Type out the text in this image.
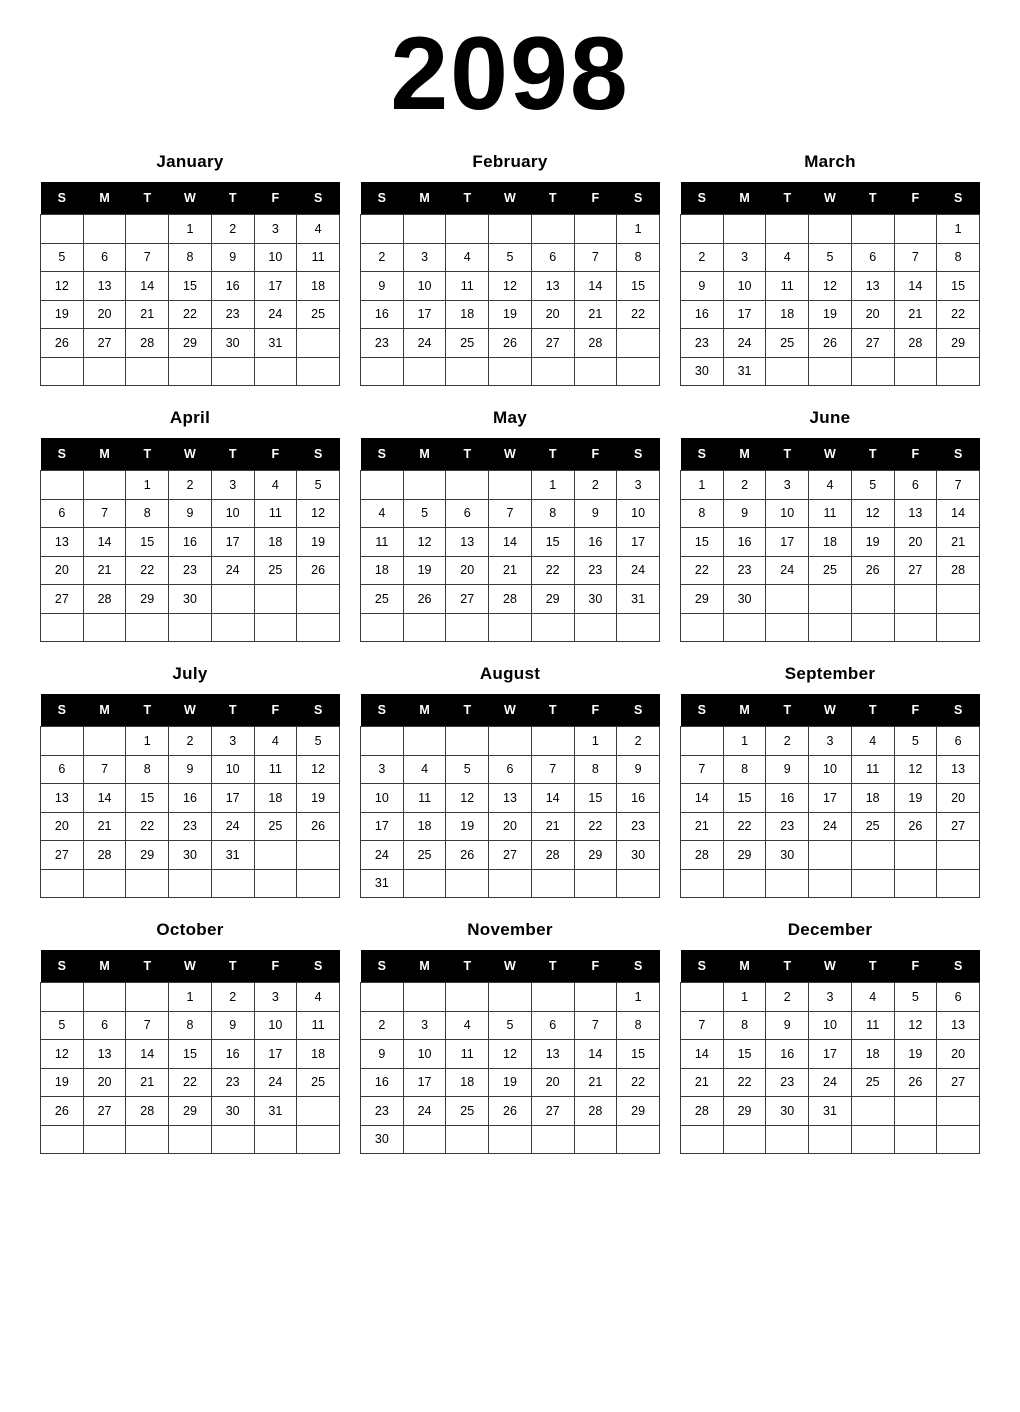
2098
January
S	M	T	W	T	F	S
			1	2	3	4
5	6	7	8	9	10	11
12	13	14	15	16	17	18
19	20	21	22	23	24	25
26	27	28	29	30	31	

February
S	M	T	W	T	F	S
						1
2	3	4	5	6	7	8
9	10	11	12	13	14	15
16	17	18	19	20	21	22
23	24	25	26	27	28	

March
S	M	T	W	T	F	S
						1
2	3	4	5	6	7	8
9	10	11	12	13	14	15
16	17	18	19	20	21	22
23	24	25	26	27	28	29
30	31					
April
S	M	T	W	T	F	S
		1	2	3	4	5
6	7	8	9	10	11	12
13	14	15	16	17	18	19
20	21	22	23	24	25	26
27	28	29	30			

May
S	M	T	W	T	F	S
				1	2	3
4	5	6	7	8	9	10
11	12	13	14	15	16	17
18	19	20	21	22	23	24
25	26	27	28	29	30	31

June
S	M	T	W	T	F	S
1	2	3	4	5	6	7
8	9	10	11	12	13	14
15	16	17	18	19	20	21
22	23	24	25	26	27	28
29	30					

July
S	M	T	W	T	F	S
		1	2	3	4	5
6	7	8	9	10	11	12
13	14	15	16	17	18	19
20	21	22	23	24	25	26
27	28	29	30	31		

August
S	M	T	W	T	F	S
					1	2
3	4	5	6	7	8	9
10	11	12	13	14	15	16
17	18	19	20	21	22	23
24	25	26	27	28	29	30
31						
September
S	M	T	W	T	F	S
	1	2	3	4	5	6
7	8	9	10	11	12	13
14	15	16	17	18	19	20
21	22	23	24	25	26	27
28	29	30				

October
S	M	T	W	T	F	S
			1	2	3	4
5	6	7	8	9	10	11
12	13	14	15	16	17	18
19	20	21	22	23	24	25
26	27	28	29	30	31	

November
S	M	T	W	T	F	S
						1
2	3	4	5	6	7	8
9	10	11	12	13	14	15
16	17	18	19	20	21	22
23	24	25	26	27	28	29
30						
December
S	M	T	W	T	F	S
	1	2	3	4	5	6
7	8	9	10	11	12	13
14	15	16	17	18	19	20
21	22	23	24	25	26	27
28	29	30	31			
